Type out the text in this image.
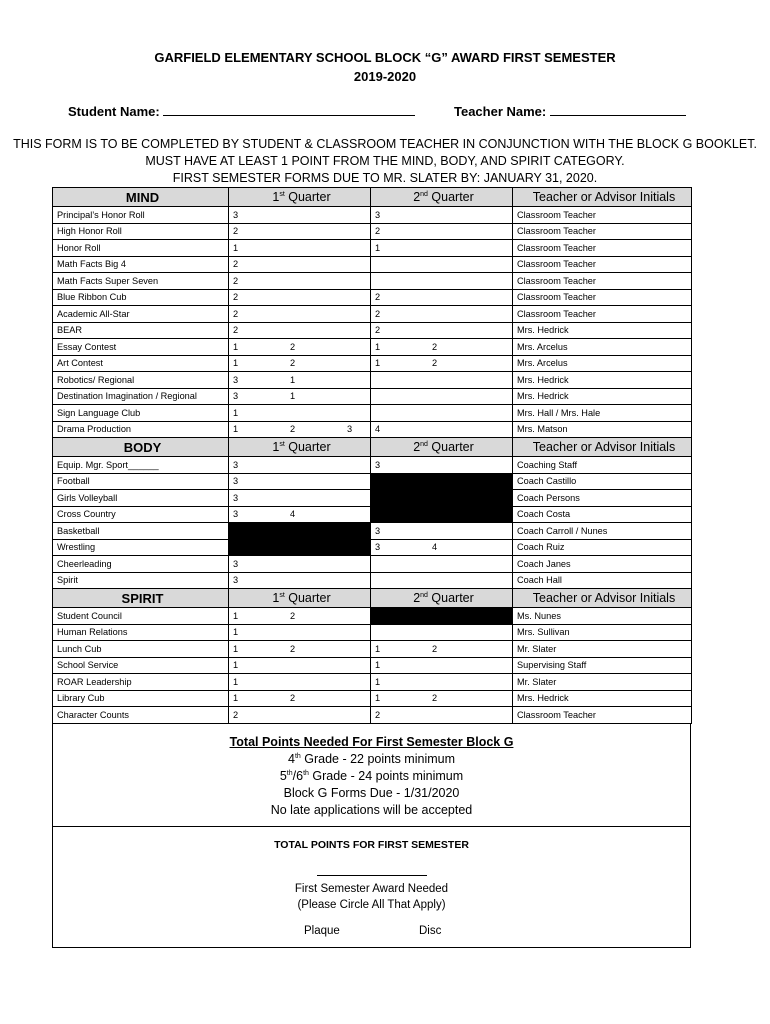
GARFIELD ELEMENTARY SCHOOL BLOCK “G” AWARD FIRST SEMESTER
2019-2020
Student Name:	Teacher Name:
THIS FORM IS TO BE COMPLETED BY STUDENT & CLASSROOM TEACHER IN CONJUNCTION WITH THE BLOCK G BOOKLET.
MUST HAVE AT LEAST 1 POINT FROM THE MIND, BODY, AND SPIRIT CATEGORY.
FIRST SEMESTER FORMS DUE TO MR. SLATER BY: JANUARY 31, 2020.
MIND	1st Quarter	2nd Quarter	Teacher or Advisor Initials
Principal’s Honor Roll	3	3	Classroom Teacher
High Honor Roll	2	2	Classroom Teacher
Honor Roll	1	1	Classroom Teacher
Math Facts Big 4	2		Classroom Teacher
Math Facts Super Seven	2		Classroom Teacher
Blue Ribbon Cub	2	2	Classroom Teacher
Academic All-Star	2	2	Classroom Teacher
BEAR	2	2	Mrs. Hedrick
Essay Contest	1 2	1 2	Mrs. Arcelus
Art Contest	1 2	1 2	Mrs. Arcelus
Robotics/ Regional	3 1		Mrs. Hedrick
Destination Imagination / Regional	3 1		Mrs. Hedrick
Sign Language Club	1		Mrs. Hall / Mrs. Hale
Drama Production	1 2 3	4	Mrs. Matson
BODY	1st Quarter	2nd Quarter	Teacher or Advisor Initials
Equip. Mgr. Sport______	3	3	Coaching Staff
Football	3		Coach Castillo
Girls Volleyball	3		Coach Persons
Cross Country	3 4		Coach Costa
Basketball		3	Coach Carroll / Nunes
Wrestling		3 4	Coach Ruiz
Cheerleading	3		Coach Janes
Spirit	3		Coach Hall
SPIRIT	1st Quarter	2nd Quarter	Teacher or Advisor Initials
Student Council	1 2		Ms. Nunes
Human Relations	1		Mrs. Sullivan
Lunch Cub	1 2	1 2	Mr. Slater
School Service	1	1	Supervising Staff
ROAR Leadership	1	1	Mr. Slater
Library Cub	1 2	1 2	Mrs. Hedrick
Character Counts	2	2	Classroom Teacher
Total Points Needed For First Semester Block G
4th Grade - 22 points minimum
5th/6th Grade - 24 points minimum
Block G Forms Due - 1/31/2020
No late applications will be accepted
TOTAL POINTS FOR FIRST SEMESTER
First Semester Award Needed
(Please Circle All That Apply)
Plaque	Disc
